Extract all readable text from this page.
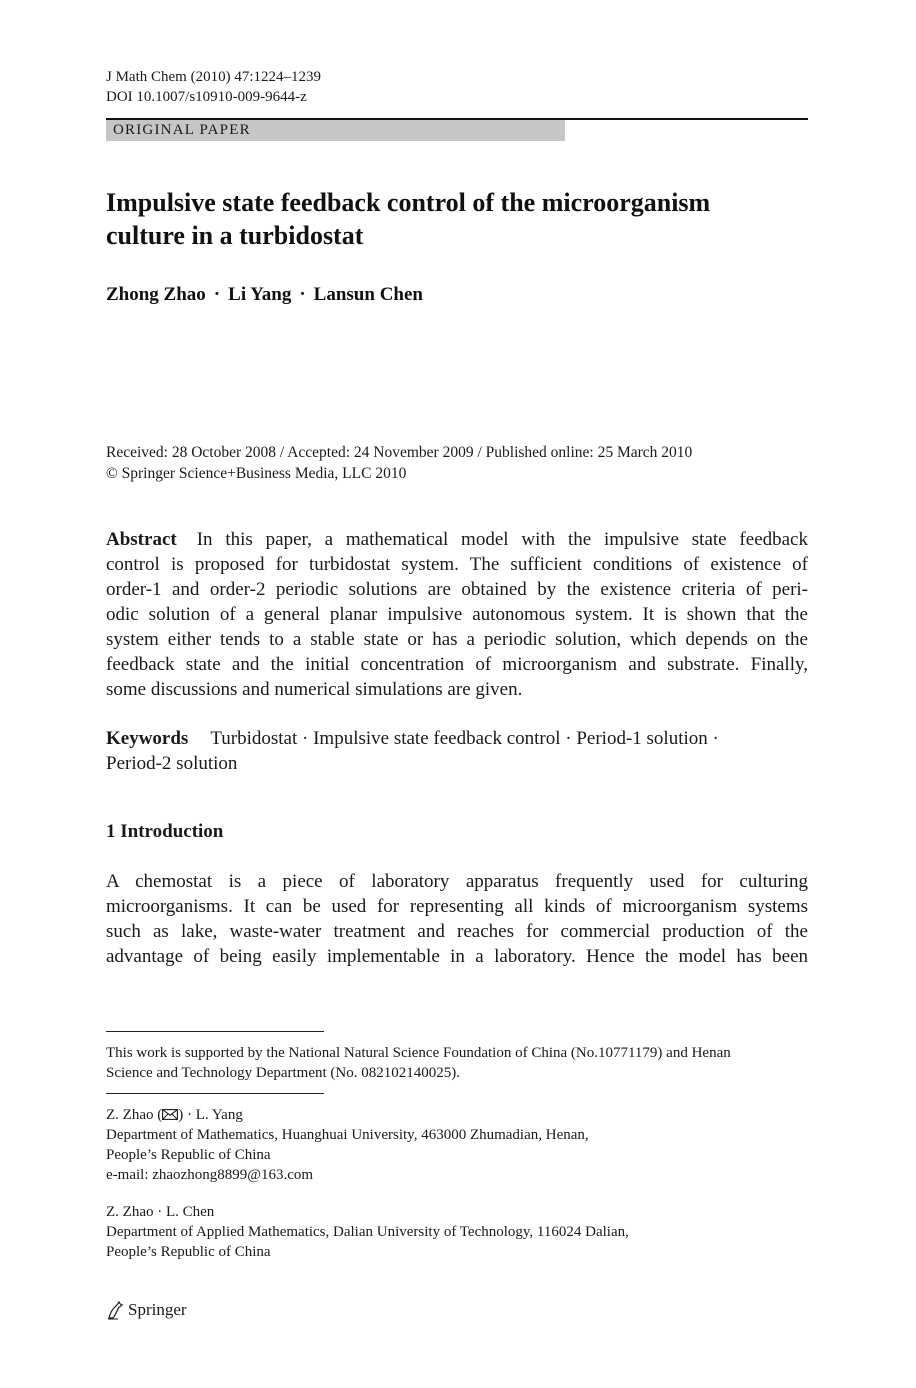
J Math Chem (2010) 47:1224–1239
DOI 10.1007/s10910-009-9644-z
ORIGINAL PAPER
Impulsive state feedback control of the microorganism
culture in a turbidostat
Zhong Zhao · Li Yang · Lansun Chen
Received: 28 October 2008 / Accepted: 24 November 2009 / Published online: 25 March 2010
© Springer Science+Business Media, LLC 2010
Abstract In this paper, a mathematical model with the impulsive state feedback
control is proposed for turbidostat system. The sufficient conditions of existence of
order-1 and order-2 periodic solutions are obtained by the existence criteria of peri-
odic solution of a general planar impulsive autonomous system. It is shown that the
system either tends to a stable state or has a periodic solution, which depends on the
feedback state and the initial concentration of microorganism and substrate. Finally,
some discussions and numerical simulations are given.
Keywords Turbidostat · Impulsive state feedback control · Period-1 solution ·
Period-2 solution
1 Introduction
A chemostat is a piece of laboratory apparatus frequently used for culturing
microorganisms. It can be used for representing all kinds of microorganism systems
such as lake, waste-water treatment and reaches for commercial production of the
advantage of being easily implementable in a laboratory. Hence the model has been
This work is supported by the National Natural Science Foundation of China (No.10771179) and Henan
Science and Technology Department (No. 082102140025).
Z. Zhao ( ) · L. Yang
Department of Mathematics, Huanghuai University, 463000 Zhumadian, Henan,
People’s Republic of China
e-mail: zhaozhong8899@163.com
Z. Zhao · L. Chen
Department of Applied Mathematics, Dalian University of Technology, 116024 Dalian,
People’s Republic of China
Springer
